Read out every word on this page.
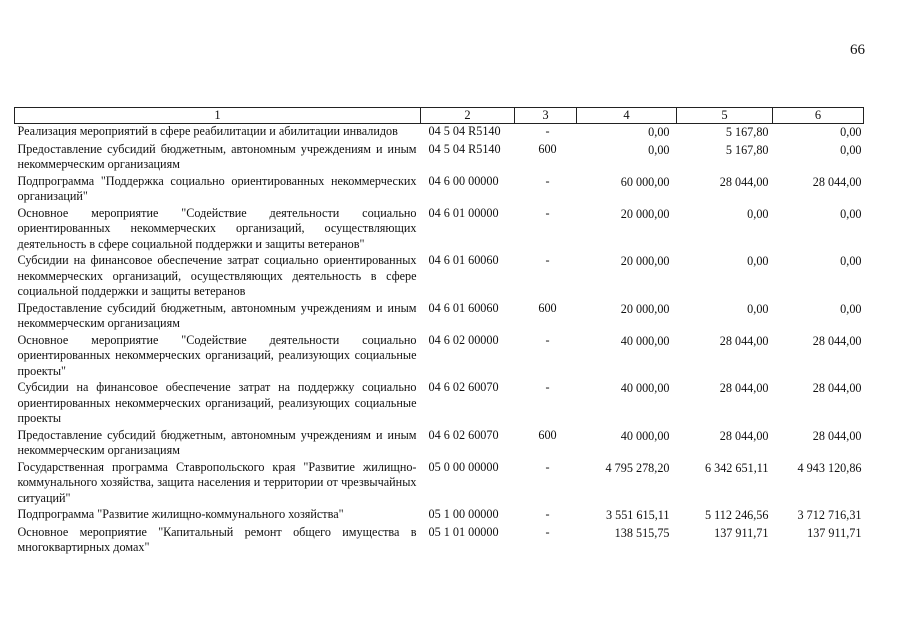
66
1	2	3	4	5	6
Реализация мероприятий в сфере реабилитации и абилитации инвалидов	04 5 04 R5140	-	0,00	5 167,80	0,00
Предоставление субсидий бюджетным, автономным учреждениям и иным некоммерческим организациям	04 5 04 R5140	600	0,00	5 167,80	0,00
Подпрограмма "Поддержка социально ориентированных некоммерческих организаций"	04 6 00 00000	-	60 000,00	28 044,00	28 044,00
Основное мероприятие "Содействие деятельности социально ориентированных некоммерческих организаций, осуществляющих деятельность в сфере социальной поддержки и защиты ветеранов"	04 6 01 00000	-	20 000,00	0,00	0,00
Субсидии на финансовое обеспечение затрат социально ориентированных некоммерческих организаций, осуществляющих деятельность в сфере социальной поддержки и защиты ветеранов	04 6 01 60060	-	20 000,00	0,00	0,00
Предоставление субсидий бюджетным, автономным учреждениям и иным некоммерческим организациям	04 6 01 60060	600	20 000,00	0,00	0,00
Основное мероприятие "Содействие деятельности социально ориентированных некоммерческих организаций, реализующих социальные проекты"	04 6 02 00000	-	40 000,00	28 044,00	28 044,00
Субсидии на финансовое обеспечение затрат на поддержку социально ориентированных некоммерческих организаций, реализующих социальные проекты	04 6 02 60070	-	40 000,00	28 044,00	28 044,00
Предоставление субсидий бюджетным, автономным учреждениям и иным некоммерческим организациям	04 6 02 60070	600	40 000,00	28 044,00	28 044,00
Государственная программа Ставропольского края "Развитие жилищно-коммунального хозяйства, защита населения и территории от чрезвычайных ситуаций"	05 0 00 00000	-	4 795 278,20	6 342 651,11	4 943 120,86
Подпрограмма "Развитие жилищно-коммунального хозяйства"	05 1 00 00000	-	3 551 615,11	5 112 246,56	3 712 716,31
Основное мероприятие "Капитальный ремонт общего имущества в многоквартирных домах"	05 1 01 00000	-	138 515,75	137 911,71	137 911,71
